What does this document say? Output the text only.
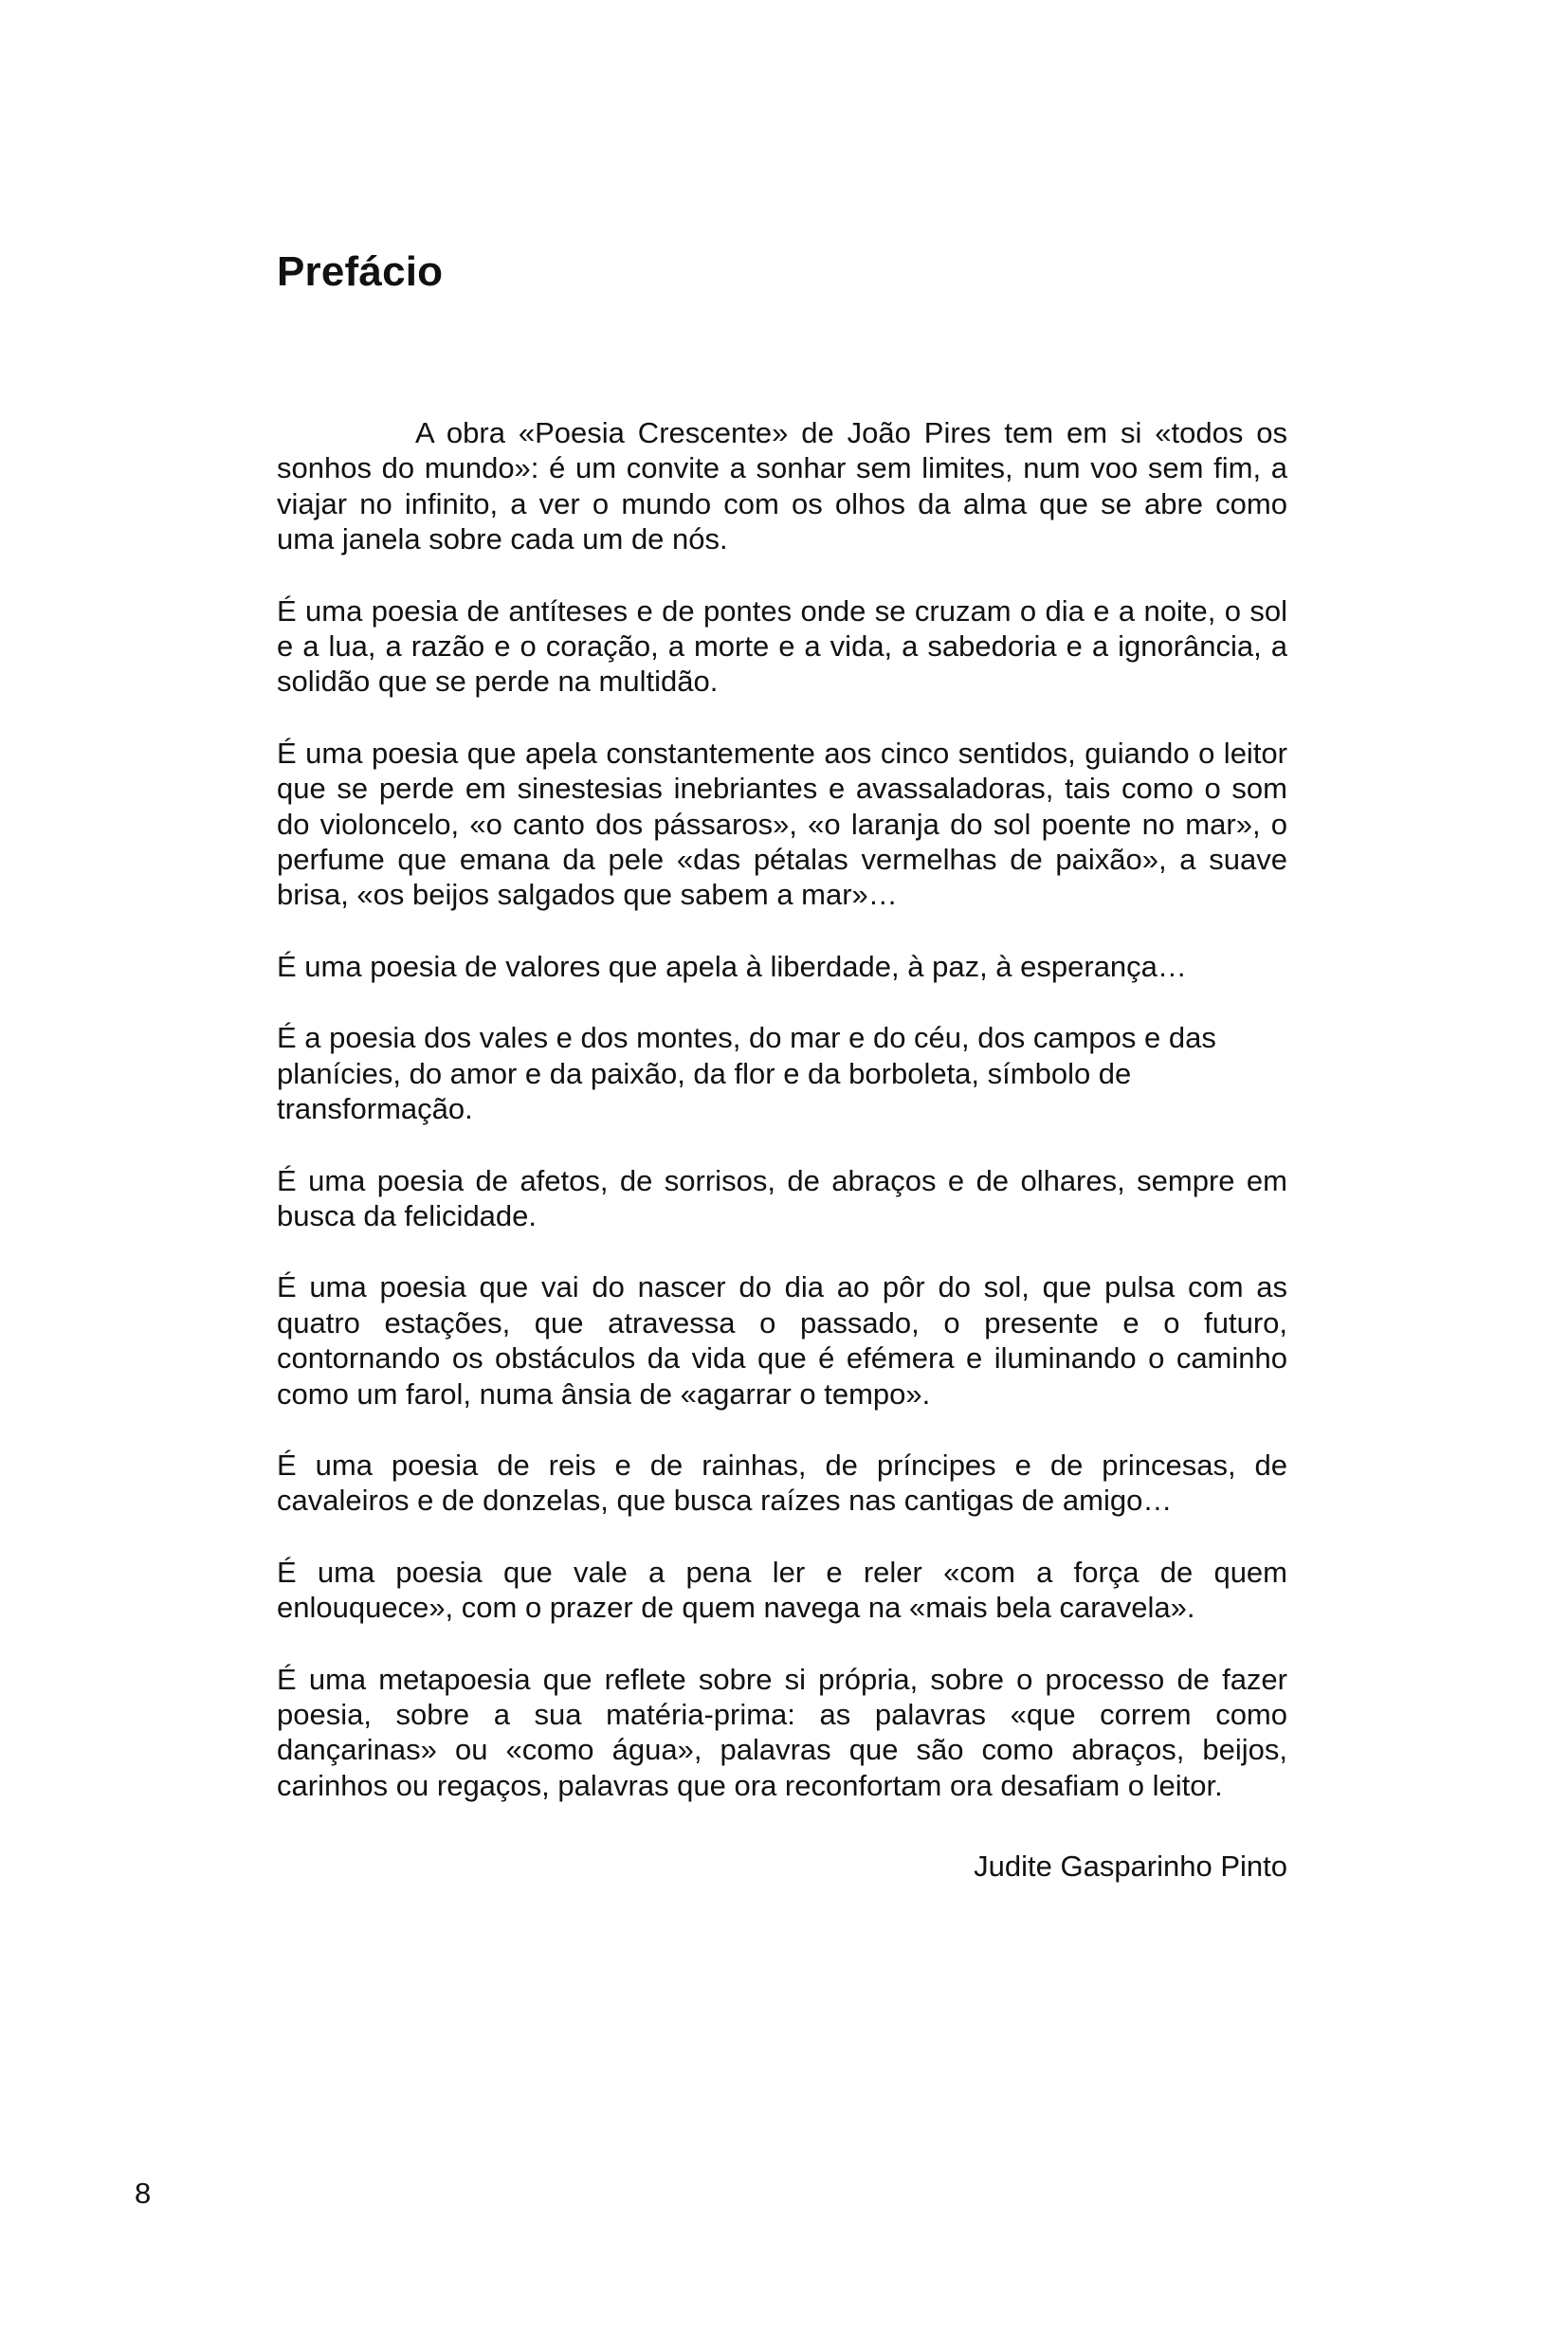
Prefácio

A obra «Poesia Crescente» de João Pires tem em si «todos os sonhos do mundo»: é um convite a sonhar sem limites, num voo sem fim, a viajar no infinito, a ver o mundo com os olhos da alma que se abre como uma janela sobre cada um de nós.

É uma poesia de antíteses e de pontes onde se cruzam o dia e a noite, o sol e a lua, a razão e o coração, a morte e a vida, a sabedoria e a ignorância, a solidão que se perde na multidão.

É uma poesia que apela constantemente aos cinco sentidos, guiando o leitor que se perde em sinestesias inebriantes e avassaladoras, tais como o som do violoncelo, «o canto dos pássaros», «o laranja do sol poente no mar», o perfume que emana da pele «das pétalas vermelhas de paixão», a suave brisa, «os beijos salgados que sabem a mar»…

É uma poesia de valores que apela à liberdade, à paz, à esperança…

É a poesia dos vales e dos montes, do mar e do céu, dos campos e das planícies, do amor e da paixão, da flor e da borboleta, símbolo de transformação.

É uma poesia de afetos, de sorrisos, de abraços e de olhares, sempre em busca da felicidade.

É uma poesia que vai do nascer do dia ao pôr do sol, que pulsa com as quatro estações, que atravessa o passado, o presente e o futuro, contornando os obstáculos da vida que é efémera e iluminando o caminho como um farol, numa ânsia de «agarrar o tempo».

É uma poesia de reis e de rainhas, de príncipes e de princesas, de cavaleiros e de donzelas, que busca raízes nas cantigas de amigo…

É uma poesia que vale a pena ler e reler «com a força de quem enlouquece», com o prazer de quem navega na «mais bela caravela».

É uma metapoesia que reflete sobre si própria, sobre o processo de fazer poesia, sobre a sua matéria-prima: as palavras «que correm como dançarinas» ou «como água», palavras que são como abraços, beijos, carinhos ou regaços, palavras que ora reconfortam ora desafiam o leitor.

Judite Gasparinho Pinto

8
